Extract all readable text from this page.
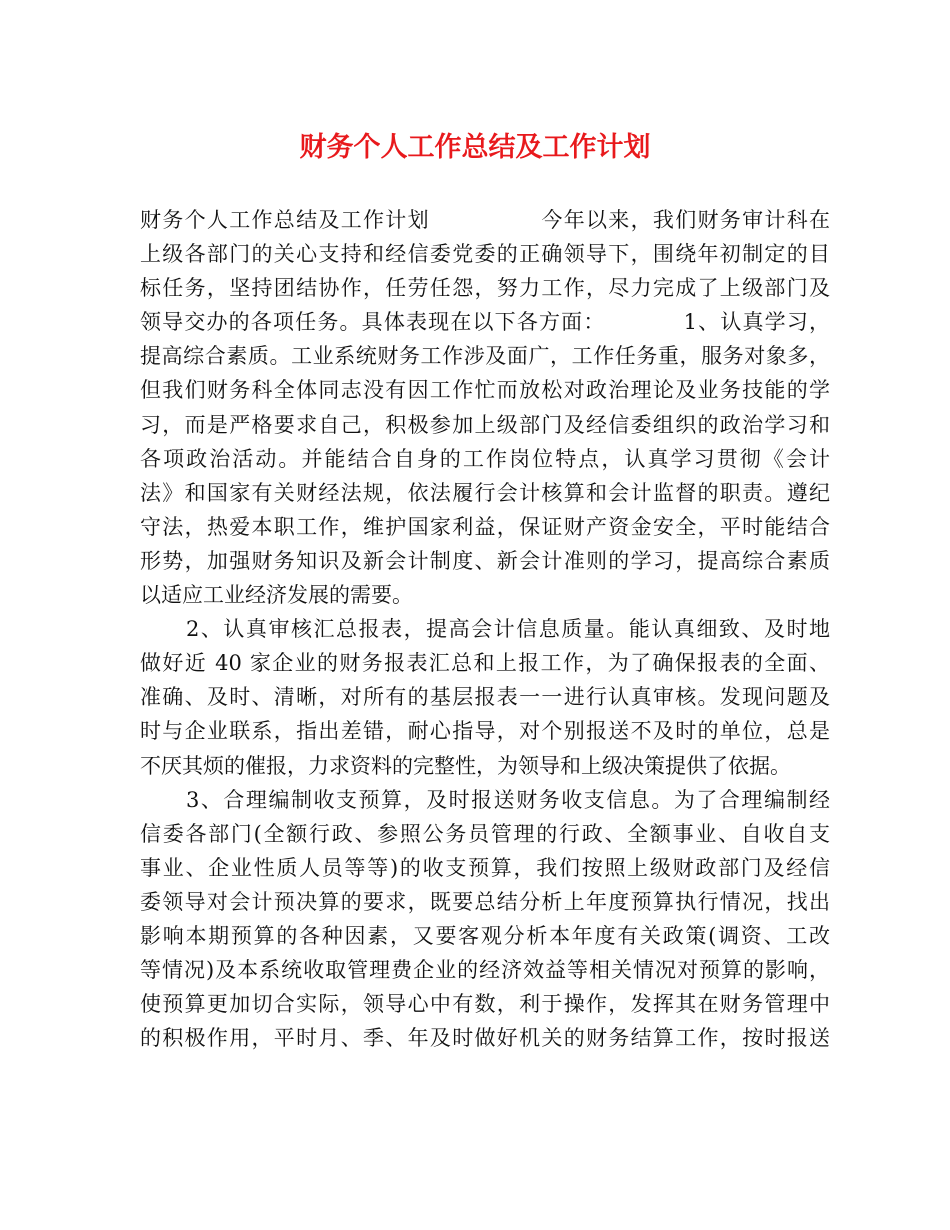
财务个人工作总结及工作计划
财务个人工作总结及工作计划　　　　　今年以来，我们财务审计科在
上级各部门的关心支持和经信委党委的正确领导下，围绕年初制定的目
标任务，坚持团结协作，任劳任怨，努力工作，尽力完成了上级部门及
领导交办的各项任务。具体表现在以下各方面：　　　　1、认真学习，
提高综合素质。工业系统财务工作涉及面广，工作任务重，服务对象多，
但我们财务科全体同志没有因工作忙而放松对政治理论及业务技能的学
习，而是严格要求自己，积极参加上级部门及经信委组织的政治学习和
各项政治活动。并能结合自身的工作岗位特点，认真学习贯彻《会计
法》和国家有关财经法规，依法履行会计核算和会计监督的职责。遵纪
守法，热爱本职工作，维护国家利益，保证财产资金安全，平时能结合
形势，加强财务知识及新会计制度、新会计准则的学习，提高综合素质
以适应工业经济发展的需要。
2、认真审核汇总报表，提高会计信息质量。能认真细致、及时地
做好近 40 家企业的财务报表汇总和上报工作，为了确保报表的全面、
准确、及时、清晰，对所有的基层报表一一进行认真审核。发现问题及
时与企业联系，指出差错，耐心指导，对个别报送不及时的单位，总是
不厌其烦的催报，力求资料的完整性，为领导和上级决策提供了依据。
3、合理编制收支预算，及时报送财务收支信息。为了合理编制经
信委各部门(全额行政、参照公务员管理的行政、全额事业、自收自支
事业、企业性质人员等等)的收支预算，我们按照上级财政部门及经信
委领导对会计预决算的要求，既要总结分析上年度预算执行情况，找出
影响本期预算的各种因素，又要客观分析本年度有关政策(调资、工改
等情况)及本系统收取管理费企业的经济效益等相关情况对预算的影响，
使预算更加切合实际，领导心中有数，利于操作，发挥其在财务管理中
的积极作用，平时月、季、年及时做好机关的财务结算工作，按时报送
